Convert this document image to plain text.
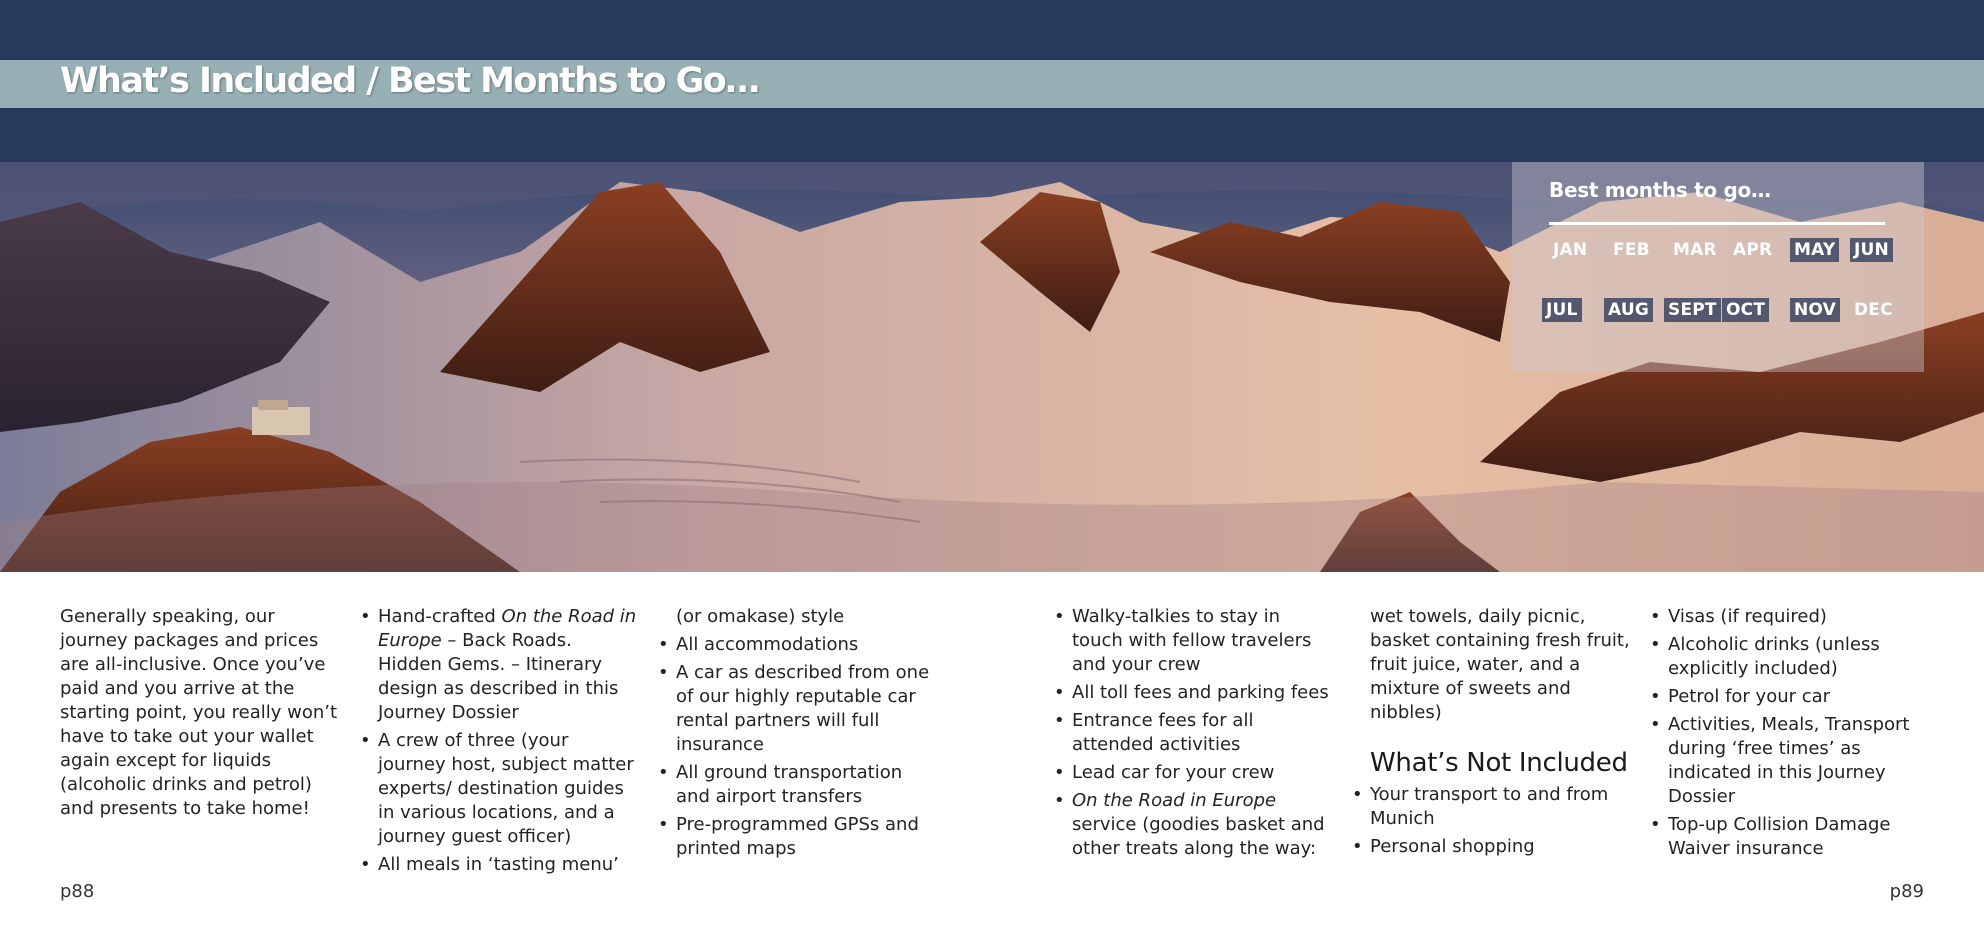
What’s Included / Best Months to Go…
Best months to go…
JAN FEB MAR APR MAY JUN
JUL AUG SEPT OCT NOV DEC

Generally speaking, our journey packages and prices are all-inclusive. Once you’ve paid and you arrive at the starting point, you really won’t have to take out your wallet again except for liquids (alcoholic drinks and petrol) and presents to take home!

• Hand-crafted On the Road in Europe – Back Roads. Hidden Gems. – Itinerary design as described in this Journey Dossier
• A crew of three (your journey host, subject matter experts/ destination guides in various locations, and a journey guest officer)
• All meals in ‘tasting menu’
(or omakase) style
• All accommodations
• A car as described from one of our highly reputable car rental partners will full insurance
• All ground transportation and airport transfers
• Pre-programmed GPSs and printed maps
• Walky-talkies to stay in touch with fellow travelers and your crew
• All toll fees and parking fees
• Entrance fees for all attended activities
• Lead car for your crew
• On the Road in Europe service (goodies basket and other treats along the way:
wet towels, daily picnic, basket containing fresh fruit, fruit juice, water, and a mixture of sweets and nibbles)
What’s Not Included
• Your transport to and from Munich
• Personal shopping
• Visas (if required)
• Alcoholic drinks (unless explicitly included)
• Petrol for your car
• Activities, Meals, Transport during ‘free times’ as indicated in this Journey Dossier
• Top-up Collision Damage Waiver insurance
p88	p89
